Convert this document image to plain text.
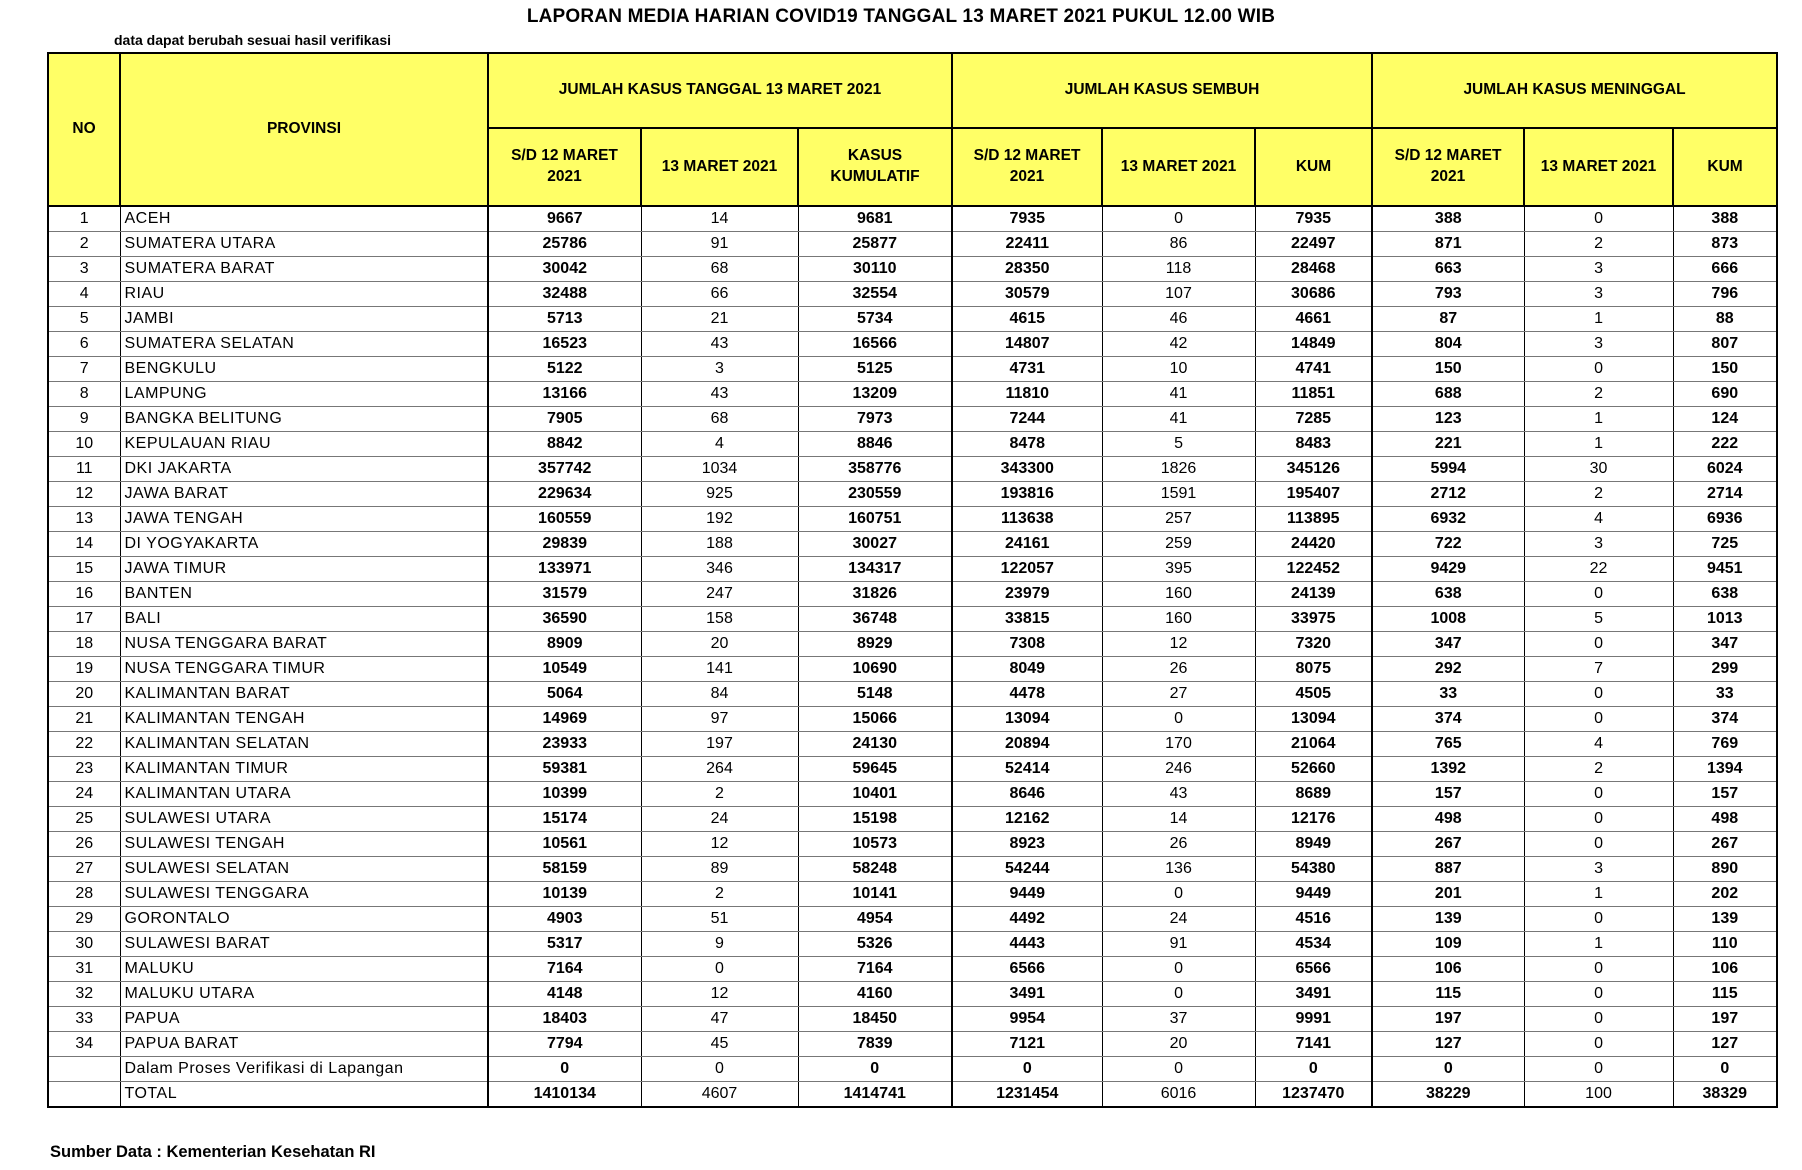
LAPORAN MEDIA HARIAN COVID19 TANGGAL 13 MARET 2021 PUKUL 12.00 WIB
data dapat berubah sesuai hasil verifikasi
NO	PROVINSI	JUMLAH KASUS TANGGAL 13 MARET 2021			JUMLAH KASUS SEMBUH			JUMLAH KASUS MENINGGAL		
		S/D 12 MARET 2021	13 MARET 2021	KASUS KUMULATIF	S/D 12 MARET 2021	13 MARET 2021	KUM	S/D 12 MARET 2021	13 MARET 2021	KUM
1	ACEH	9667	14	9681	7935	0	7935	388	0	388
2	SUMATERA UTARA	25786	91	25877	22411	86	22497	871	2	873
3	SUMATERA BARAT	30042	68	30110	28350	118	28468	663	3	666
4	RIAU	32488	66	32554	30579	107	30686	793	3	796
5	JAMBI	5713	21	5734	4615	46	4661	87	1	88
6	SUMATERA SELATAN	16523	43	16566	14807	42	14849	804	3	807
7	BENGKULU	5122	3	5125	4731	10	4741	150	0	150
8	LAMPUNG	13166	43	13209	11810	41	11851	688	2	690
9	BANGKA BELITUNG	7905	68	7973	7244	41	7285	123	1	124
10	KEPULAUAN RIAU	8842	4	8846	8478	5	8483	221	1	222
11	DKI JAKARTA	357742	1034	358776	343300	1826	345126	5994	30	6024
12	JAWA BARAT	229634	925	230559	193816	1591	195407	2712	2	2714
13	JAWA TENGAH	160559	192	160751	113638	257	113895	6932	4	6936
14	DI YOGYAKARTA	29839	188	30027	24161	259	24420	722	3	725
15	JAWA TIMUR	133971	346	134317	122057	395	122452	9429	22	9451
16	BANTEN	31579	247	31826	23979	160	24139	638	0	638
17	BALI	36590	158	36748	33815	160	33975	1008	5	1013
18	NUSA TENGGARA BARAT	8909	20	8929	7308	12	7320	347	0	347
19	NUSA TENGGARA TIMUR	10549	141	10690	8049	26	8075	292	7	299
20	KALIMANTAN BARAT	5064	84	5148	4478	27	4505	33	0	33
21	KALIMANTAN TENGAH	14969	97	15066	13094	0	13094	374	0	374
22	KALIMANTAN SELATAN	23933	197	24130	20894	170	21064	765	4	769
23	KALIMANTAN TIMUR	59381	264	59645	52414	246	52660	1392	2	1394
24	KALIMANTAN UTARA	10399	2	10401	8646	43	8689	157	0	157
25	SULAWESI UTARA	15174	24	15198	12162	14	12176	498	0	498
26	SULAWESI TENGAH	10561	12	10573	8923	26	8949	267	0	267
27	SULAWESI SELATAN	58159	89	58248	54244	136	54380	887	3	890
28	SULAWESI TENGGARA	10139	2	10141	9449	0	9449	201	1	202
29	GORONTALO	4903	51	4954	4492	24	4516	139	0	139
30	SULAWESI BARAT	5317	9	5326	4443	91	4534	109	1	110
31	MALUKU	7164	0	7164	6566	0	6566	106	0	106
32	MALUKU UTARA	4148	12	4160	3491	0	3491	115	0	115
33	PAPUA	18403	47	18450	9954	37	9991	197	0	197
34	PAPUA BARAT	7794	45	7839	7121	20	7141	127	0	127
	Dalam Proses Verifikasi di Lapangan	0	0	0	0	0	0	0	0	0
	TOTAL	1410134	4607	1414741	1231454	6016	1237470	38229	100	38329
Sumber Data : Kementerian Kesehatan RI
